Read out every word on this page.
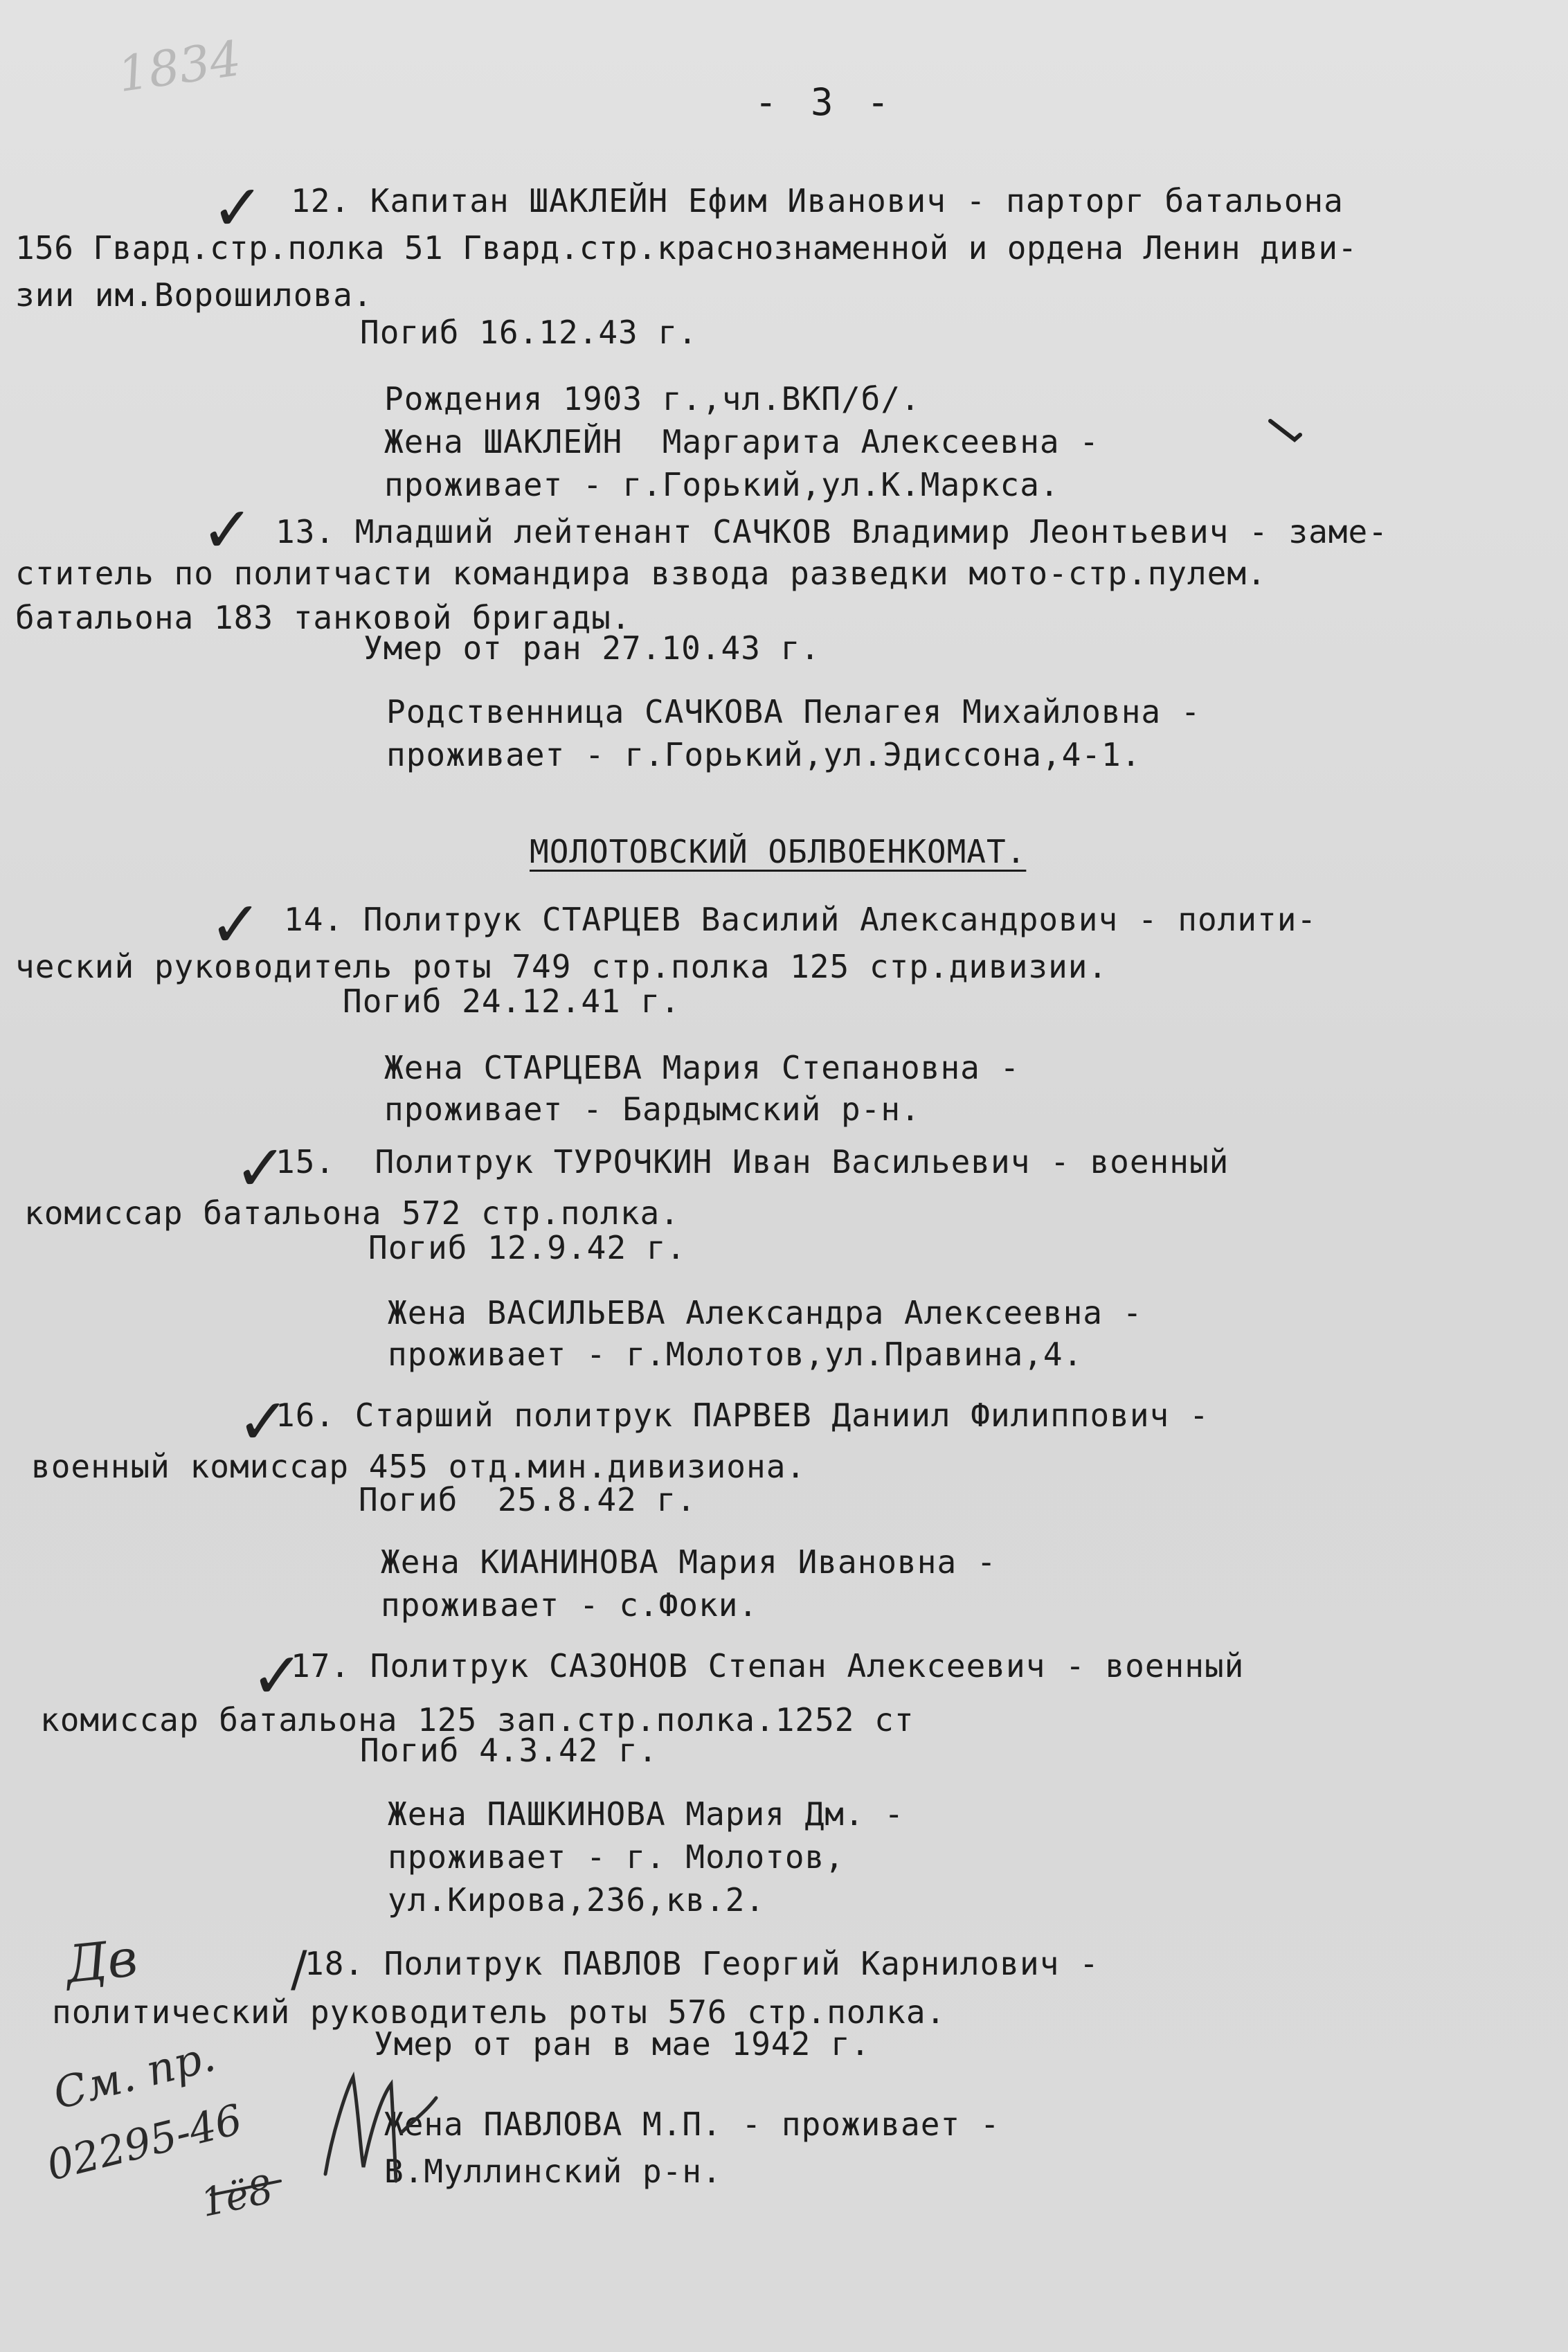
1834	- 3 -
✓ 12. Капитан ШАКЛЕЙН Ефим Иванович - парторг батальона
156 Гвард.стр.полка 51 Гвард.стр.краснознаменной и ордена Ленин диви-
зии им.Ворошилова.
Погиб 16.12.43 г.
Рождения 1903 г.,чл.ВКП/б/.
Жена ШАКЛЕЙН  Маргарита Алексеевна -
проживает - г.Горький,ул.К.Маркса.
✓ 13. Младший лейтенант САЧКОВ Владимир Леонтьевич - заме-
ститель по политчасти командира взвода разведки мото-стр.пулем.
батальона 183 танковой бригады.
Умер от ран 27.10.43 г.
Родственница САЧКОВА Пелагея Михайловна -
проживает - г.Горький,ул.Эдиссона,4-1.
МОЛОТОВСКИЙ ОБЛВОЕНКОМАТ.
✓ 14. Политрук СТАРЦЕВ Василий Александрович - полити-
ческий руководитель роты 749 стр.полка 125 стр.дивизии.
Погиб 24.12.41 г.
Жена СТАРЦЕВА Мария Степановна -
проживает - Бардымский р-н.
✓
15.  Политрук ТУРОЧКИН Иван Васильевич - военный
комиссар батальона 572 стр.полка.
Погиб 12.9.42 г.
Жена ВАСИЛЬЕВА Александра Алексеевна -
проживает - г.Молотов,ул.Правина,4.
✓
16. Старший политрук ПАРВЕВ Даниил Филиппович -
военный комиссар 455 отд.мин.дивизиона.
Погиб  25.8.42 г.
Жена КИАНИНОВА Мария Ивановна -
проживает - с.Фоки.
✓
17. Политрук САЗОНОВ Степан Алексеевич - военный
комиссар батальона 125 зап.стр.полка.1252 ст
Погиб 4.3.42 г.
Жена ПАШКИНОВА Мария Дм. -
проживает - г. Молотов,
ул.Кирова,236,кв.2.
/
18. Политрук ПАВЛОВ Георгий Карнилович -
политический руководитель роты 576 стр.полка.
Умер от ран в мае 1942 г.
Жена ПАВЛОВА М.П. - проживает -
В.Муллинский р-н.
Дв
См. пр.
02295-46
1ё8
